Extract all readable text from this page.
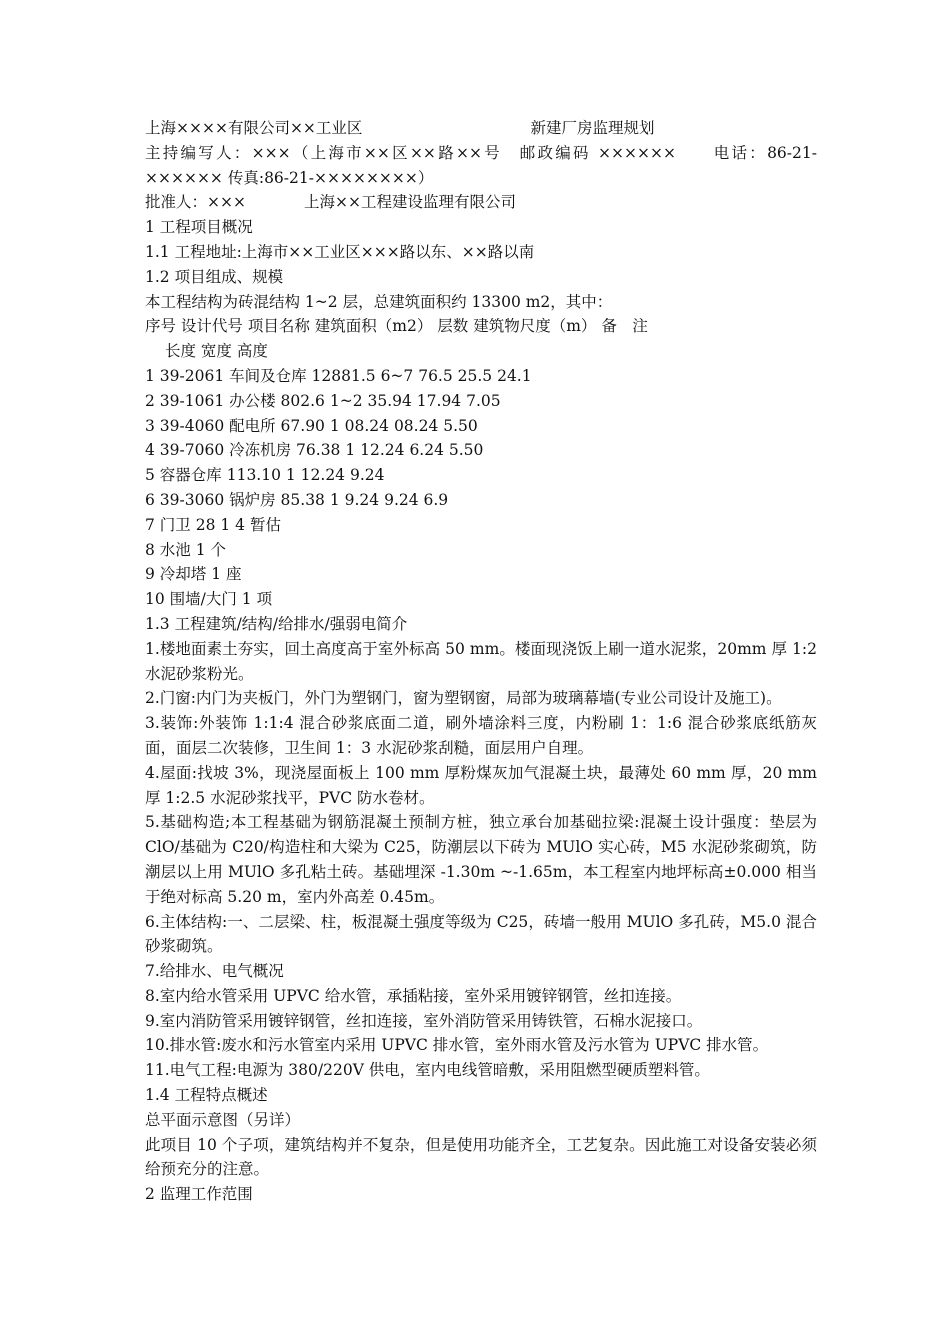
上海××××有限公司××工业区	新建厂房监理规划
主持编写人：×××（上海市××区××路××号　邮政编码 ××××××　　电话：86-21-×××××× 传真:86-21-××××××××）
批准人：×××	上海××工程建设监理有限公司
1 工程项目概况
1.1 工程地址:上海市××工业区×××路以东、××路以南
1.2 项目组成、规模
本工程结构为砖混结构 1~2 层，总建筑面积约 13300 m2，其中：
序号 设计代号 项目名称 建筑面积（m2） 层数 建筑物尺度（m） 备　注
长度 宽度 高度
1 39-2061 车间及仓库 12881.5 6~7 76.5 25.5 24.1
2 39-1061 办公楼 802.6 1~2 35.94 17.94 7.05
3 39-4060 配电所 67.90 1 08.24 08.24 5.50
4 39-7060 冷冻机房 76.38 1 12.24 6.24 5.50
5 容器仓库 113.10 1 12.24 9.24
6 39-3060 锅炉房 85.38 1 9.24 9.24 6.9
7 门卫 28 1 4 暂估
8 水池 1 个
9 冷却塔 1 座
10 围墙/大门 1 项
1.3 工程建筑/结构/给排水/强弱电简介
1.楼地面素土夯实，回土高度高于室外标高 50 mm。楼面现浇饭上刷一道水泥浆，20mm 厚 1:2 水泥砂浆粉光。
2.门窗:内门为夹板门，外门为塑钢门，窗为塑钢窗，局部为玻璃幕墙(专业公司设计及施工)。
3.装饰:外装饰 1:1:4 混合砂浆底面二道，刷外墙涂料三度，内粉刷 1：1:6 混合砂浆底纸筋灰面，面层二次装修，卫生间 1：3 水泥砂浆刮糙，面层用户自理。
4.屋面:找坡 3%，现浇屋面板上 100 mm 厚粉煤灰加气混凝土块，最薄处 60 mm 厚，20 mm 厚 1:2.5 水泥砂浆找平，PVC 防水卷材。
5.基础构造;本工程基础为钢筋混凝土预制方桩，独立承台加基础拉梁:混凝土设计强度：垫层为 ClO/基础为 C20/构造柱和大梁为 C25，防潮层以下砖为 MUlO 实心砖，M5 水泥砂浆砌筑，防潮层以上用 MUlO 多孔粘土砖。基础埋深 -1.30m ~-1.65m，本工程室内地坪标高±0.000 相当于绝对标高 5.20 m，室内外高差 0.45m。
6.主体结构:一、二层梁、柱，板混凝土强度等级为 C25，砖墙一般用 MUlO 多孔砖，M5.0 混合砂浆砌筑。
7.给排水、电气概况
8.室内给水管采用 UPVC 给水管，承插粘接，室外采用镀锌钢管，丝扣连接。
9.室内消防管采用镀锌钢管，丝扣连接，室外消防管采用铸铁管，石棉水泥接口。
10.排水管:废水和污水管室内采用 UPVC 排水管，室外雨水管及污水管为 UPVC 排水管。
11.电气工程:电源为 380/220V 供电，室内电线管暗敷，采用阻燃型硬质塑料管。
1.4 工程特点概述
总平面示意图（另详）
此项目 10 个子项，建筑结构并不复杂，但是使用功能齐全，工艺复杂。因此施工对设备安装必须给预充分的注意。
2 监理工作范围
